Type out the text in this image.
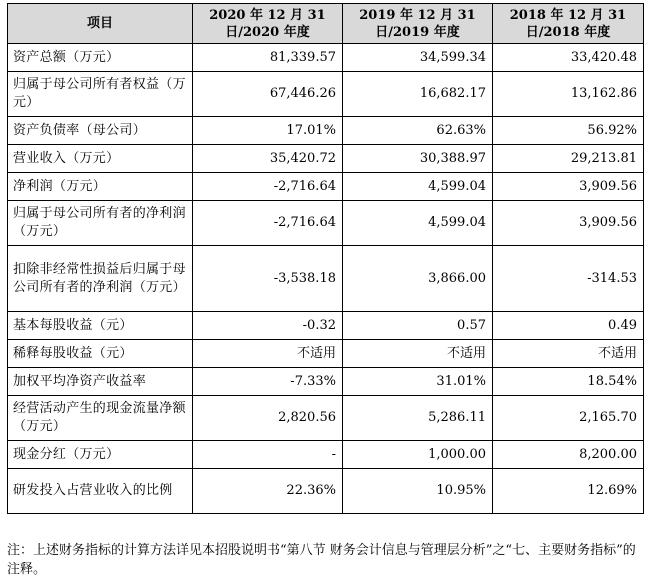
项目	2020 年 12 月 31 日/2020 年度	2019 年 12 月 31 日/2019 年度	2018 年 12 月 31 日/2018 年度
资产总额（万元）	81,339.57	34,599.34	33,420.48
归属于母公司所有者权益（万元）	67,446.26	16,682.17	13,162.86
资产负债率（母公司）	17.01%	62.63%	56.92%
营业收入（万元）	35,420.72	30,388.97	29,213.81
净利润（万元）	-2,716.64	4,599.04	3,909.56
归属于母公司所有者的净利润（万元）	-2,716.64	4,599.04	3,909.56
扣除非经常性损益后归属于母公司所有者的净利润（万元）	-3,538.18	3,866.00	-314.53
基本每股收益（元）	-0.32	0.57	0.49
稀释每股收益（元）	不适用	不适用	不适用
加权平均净资产收益率	-7.33%	31.01%	18.54%
经营活动产生的现金流量净额（万元）	2,820.56	5,286.11	2,165.70
现金分红（万元）	-	1,000.00	8,200.00
研发投入占营业收入的比例	22.36%	10.95%	12.69%
注：上述财务指标的计算方法详见本招股说明书“第八节 财务会计信息与管理层分析”之“七、主要财务指标”的注释。
